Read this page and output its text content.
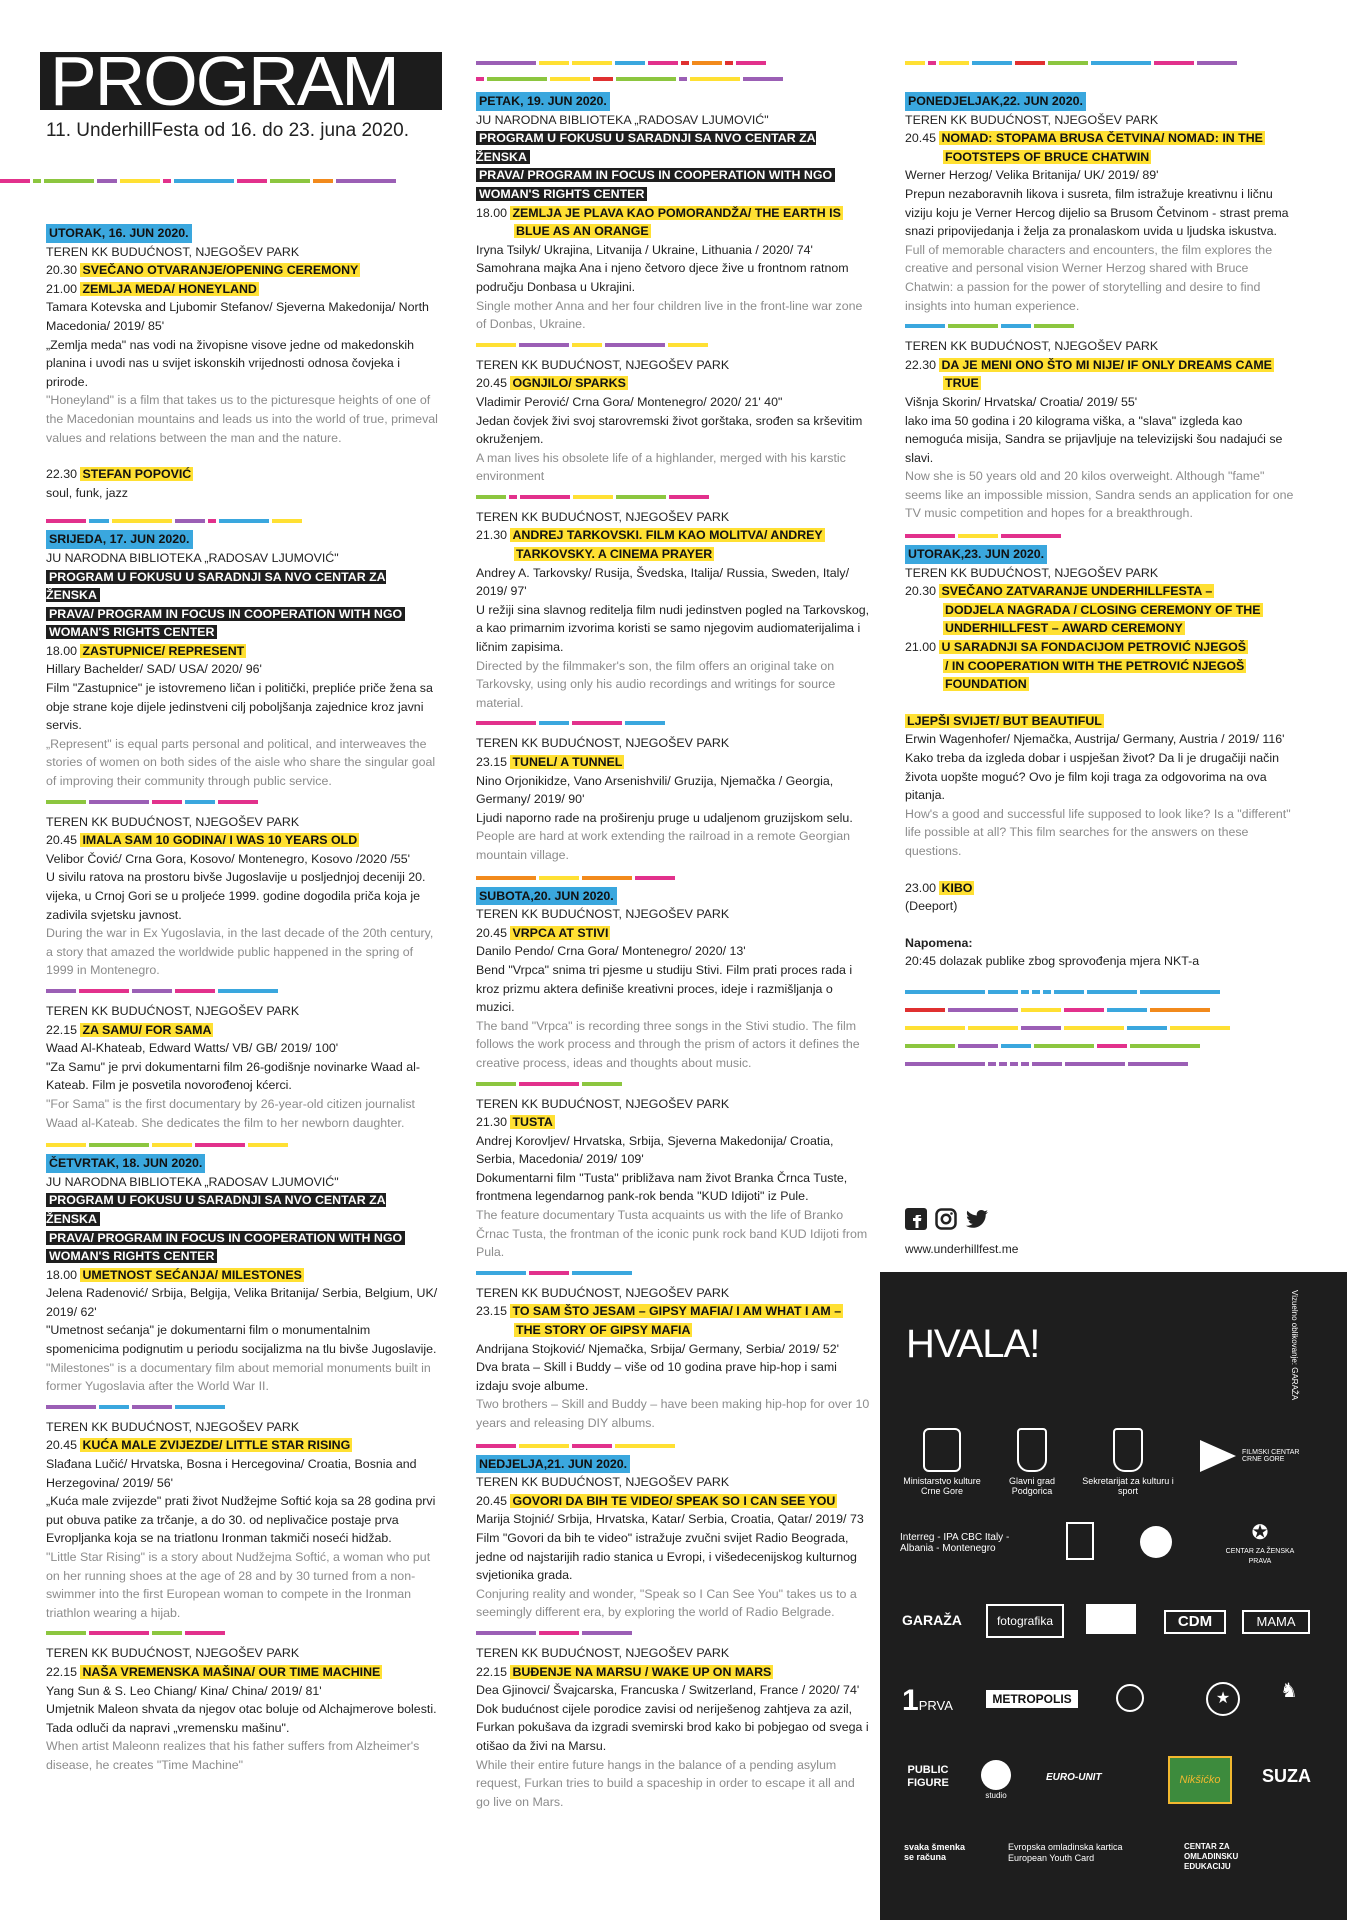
PROGRAM
11. UnderhillFesta od 16. do 23. juna 2020.
UTORAK, 16. JUN 2020.
TEREN KK BUDUĆNOST, NJEGOŠEV PARK
20.30 SVEČANO OTVARANJE/OPENING CEREMONY
21.00 ZEMLJA MEDA/ HONEYLAND
Tamara Kotevska and Ljubomir Stefanov/ Sjeverna Makedonija/ North Macedonia/ 2019/ 85'
„Zemlja meda" nas vodi na živopisne visove jedne od makedonskih planina i uvodi nas u svijet iskonskih vrijednosti odnosa čovjeka i prirode.
"Honeyland" is a film that takes us to the picturesque heights of one of the Macedonian mountains and leads us into the world of true, primeval values and relations between the man and the nature.
22.30 STEFAN POPOVIĆ
soul, funk, jazz
SRIJEDA, 17. JUN 2020.
JU NARODNA BIBLIOTEKA „RADOSAV LJUMOVIĆ"
PROGRAM U FOKUSU U SARADNJI SA NVO CENTAR ZA ŽENSKA
PRAVA/ PROGRAM IN FOCUS IN COOPERATION WITH NGO
WOMAN'S RIGHTS CENTER
18.00 ZASTUPNICE/ REPRESENT
Hillary Bachelder/ SAD/ USA/ 2020/ 96'
Film "Zastupnice" je istovremeno ličan i politički, prepliće priče žena sa obje strane koje dijele jedinstveni cilj poboljšanja zajednice kroz javni servis.
„Represent" is equal parts personal and political, and interweaves the stories of women on both sides of the aisle who share the singular goal of improving their community through public service.
TEREN KK BUDUĆNOST, NJEGOŠEV PARK
20.45 IMALA SAM 10 GODINA/ I WAS 10 YEARS OLD
Velibor Čović/ Crna Gora, Kosovo/ Montenegro, Kosovo /2020 /55'
U sivilu ratova na prostoru bivše Jugoslavije u posljednjoj deceniji 20. vijeka, u Crnoj Gori se u proljeće 1999. godine dogodila priča koja je zadivila svjetsku javnost.
During the war in Ex Yugoslavia, in the last decade of the 20th century, a story that amazed the worldwide public happened in the spring of 1999 in Montenegro.
TEREN KK BUDUĆNOST, NJEGOŠEV PARK
22.15 ZA SAMU/ FOR SAMA
Waad Al-Khateab, Edward Watts/ VB/ GB/ 2019/ 100'
"Za Samu" je prvi dokumentarni film 26-godišnje novinarke Waad al-Kateab. Film je posvetila novorođenoj kćerci.
"For Sama" is the first documentary by 26-year-old citizen journalist Waad al-Kateab. She dedicates the film to her newborn daughter.
ČETVRTAK, 18. JUN 2020.
JU NARODNA BIBLIOTEKA „RADOSAV LJUMOVIĆ"
PROGRAM U FOKUSU U SARADNJI SA NVO CENTAR ZA ŽENSKA
PRAVA/ PROGRAM IN FOCUS IN COOPERATION WITH NGO
WOMAN'S RIGHTS CENTER
18.00 UMETNOST SEĆANJA/ MILESTONES
Jelena Radenović/ Srbija, Belgija, Velika Britanija/ Serbia, Belgium, UK/ 2019/ 62'
"Umetnost sećanja" je dokumentarni film o monumentalnim spomenicima podignutim u periodu socijalizma na tlu bivše Jugoslavije.
"Milestones" is a documentary film about memorial monuments built in former Yugoslavia after the World War II.
TEREN KK BUDUĆNOST, NJEGOŠEV PARK
20.45 KUĆA MALE ZVIJEZDE/ LITTLE STAR RISING
Slađana Lučić/ Hrvatska, Bosna i Hercegovina/ Croatia, Bosnia and Herzegovina/ 2019/ 56'
„Kuća male zvijezde" prati život Nudžejme Softić koja sa 28 godina prvi put obuva patike za trčanje, a do 30. od neplivačice postaje prva Evropljanka koja se na triatlonu Ironman takmiči noseći hidžab.
"Little Star Rising" is a story about Nudžejma Softić, a woman who put on her running shoes at the age of 28 and by 30 turned from a non-swimmer into the first European woman to compete in the Ironman triathlon wearing a hijab.
TEREN KK BUDUĆNOST, NJEGOŠEV PARK
22.15 NAŠA VREMENSKA MAŠINA/ OUR TIME MACHINE
Yang Sun & S. Leo Chiang/ Kina/ China/ 2019/ 81'
Umjetnik Maleon shvata da njegov otac boluje od Alchajmerove bolesti. Tada odluči da napravi „vremensku mašinu".
When artist Maleonn realizes that his father suffers from Alzheimer's disease, he creates "Time Machine"
PETAK, 19. JUN 2020.
JU NARODNA BIBLIOTEKA „RADOSAV LJUMOVIĆ"
PROGRAM U FOKUSU U SARADNJI SA NVO CENTAR ZA ŽENSKA
PRAVA/ PROGRAM IN FOCUS IN COOPERATION WITH NGO
WOMAN'S RIGHTS CENTER
18.00 ZEMLJA JE PLAVA KAO POMORANDŽA/ THE EARTH IS

BLUE AS AN ORANGE
Iryna Tsilyk/ Ukrajina, Litvanija / Ukraine, Lithuania / 2020/ 74'
Samohrana majka Ana i njeno četvoro djece žive u frontnom ratnom području Donbasa u Ukrajini.
Single mother Anna and her four children live in the front-line war zone of Donbas, Ukraine.
TEREN KK BUDUĆNOST, NJEGOŠEV PARK
20.45 OGNJILO/ SPARKS
Vladimir Perović/ Crna Gora/ Montenegro/ 2020/ 21' 40"
Jedan čovjek živi svoj starovremski život gorštaka, srođen sa krševitim okruženjem.
A man lives his obsolete life of a highlander, merged with his karstic environment
TEREN KK BUDUĆNOST, NJEGOŠEV PARK
21.30 ANDREJ TARKOVSKI. FILM KAO MOLITVA/ ANDREY

TARKOVSKY. A CINEMA PRAYER
Andrey A. Tarkovsky/ Rusija, Švedska, Italija/ Russia, Sweden, Italy/ 2019/ 97'
U režiji sina slavnog reditelja film nudi jedinstven pogled na Tarkovskog, a kao primarnim izvorima koristi se samo njegovim audiomaterijalima i ličnim zapisima.
Directed by the filmmaker's son, the film offers an original take on Tarkovsky, using only his audio recordings and writings for source material.
TEREN KK BUDUĆNOST, NJEGOŠEV PARK
23.15 TUNEL/ A TUNNEL
Nino Orjonikidze, Vano Arsenishvili/ Gruzija, Njemačka / Georgia, Germany/ 2019/ 90'
Ljudi naporno rade na proširenju pruge u udaljenom gruzijskom selu.
People are hard at work extending the railroad in a remote Georgian mountain village.
SUBOTA,20. JUN 2020.
TEREN KK BUDUĆNOST, NJEGOŠEV PARK
20.45 VRPCA AT STIVI
Danilo Pendo/ Crna Gora/ Montenegro/ 2020/ 13'
Bend "Vrpca" snima tri pjesme u studiju Stivi. Film prati proces rada i kroz prizmu aktera definiše kreativni proces, ideje i razmišljanja o muzici.
The band "Vrpca" is recording three songs in the Stivi studio. The film follows the work process and through the prism of actors it defines the creative process, ideas and thoughts about music.
TEREN KK BUDUĆNOST, NJEGOŠEV PARK
21.30 TUSTA
Andrej Korovljev/ Hrvatska, Srbija, Sjeverna Makedonija/ Croatia, Serbia, Macedonia/ 2019/ 109'
Dokumentarni film "Tusta" približava nam život Branka Črnca Tuste, frontmena legendarnog pank-rok benda "KUD Idijoti" iz Pule.
The feature documentary Tusta acquaints us with the life of Branko Črnac Tusta, the frontman of the iconic punk rock band KUD Idijoti from Pula.
TEREN KK BUDUĆNOST, NJEGOŠEV PARK
23.15 TO SAM ŠTO JESAM – GIPSY MAFIA/ I AM WHAT I AM –

THE STORY OF GIPSY MAFIA
Andrijana Stojković/ Njemačka, Srbija/ Germany, Serbia/ 2019/ 52'
Dva brata – Skill i Buddy – više od 10 godina prave hip-hop i sami izdaju svoje albume.
Two brothers – Skill and Buddy – have been making hip-hop for over 10 years and releasing DIY albums.
NEDJELJA,21. JUN 2020.
TEREN KK BUDUĆNOST, NJEGOŠEV PARK
20.45 GOVORI DA BIH TE VIDEO/ SPEAK SO I CAN SEE YOU
Marija Stojnić/ Srbija, Hrvatska, Katar/ Serbia, Croatia, Qatar/ 2019/ 73
Film "Govori da bih te video" istražuje zvučni svijet Radio Beograda, jedne od najstarijih radio stanica u Evropi, i višedecenijskog kulturnog svjetionika grada.
Conjuring reality and wonder, "Speak so I Can See You" takes us to a seemingly different era, by exploring the world of Radio Belgrade.
TEREN KK BUDUĆNOST, NJEGOŠEV PARK
22.15 BUĐENJE NA MARSU / WAKE UP ON MARS
Dea Gjinovci/ Švajcarska, Francuska / Switzerland, France / 2020/ 74'
Dok budućnost cijele porodice zavisi od neriješenog zahtjeva za azil, Furkan pokušava da izgradi svemirski brod kako bi pobjegao od svega i otišao da živi na Marsu.
While their entire future hangs in the balance of a pending asylum request, Furkan tries to build a spaceship in order to escape it all and go live on Mars.
PONEDJELJAK,22. JUN 2020.
TEREN KK BUDUĆNOST, NJEGOŠEV PARK
20.45 NOMAD: STOPAMA BRUSA ČETVINA/ NOMAD: IN THE

FOOTSTEPS OF BRUCE CHATWIN
Werner Herzog/ Velika Britanija/ UK/ 2019/ 89'
Prepun nezaboravnih likova i susreta, film istražuje kreativnu i ličnu viziju koju je Verner Hercog dijelio sa Brusom Četvinom - strast prema snazi pripovijedanja i želja za pronalaskom uvida u ljudska iskustva.
Full of memorable characters and encounters, the film explores the creative and personal vision Werner Herzog shared with Bruce Chatwin: a passion for the power of storytelling and desire to find insights into human experience.
TEREN KK BUDUĆNOST, NJEGOŠEV PARK
22.30 DA JE MENI ONO ŠTO MI NIJE/ IF ONLY DREAMS CAME

TRUE
Višnja Skorin/ Hrvatska/ Croatia/ 2019/ 55'
lako ima 50 godina i 20 kilograma viška, a "slava" izgleda kao nemoguća misija, Sandra se prijavljuje na televizijski šou nadajući se slavi.
Now she is 50 years old and 20 kilos overweight. Although "fame" seems like an impossible mission, Sandra sends an application for one TV music competition and hopes for a breakthrough.
UTORAK,23. JUN 2020.
TEREN KK BUDUĆNOST, NJEGOŠEV PARK
20.30 SVEČANO ZATVARANJE UNDERHILLFESTA –

DODJELA NAGRADA / CLOSING CEREMONY OF THE
UNDERHILLFEST – AWARD CEREMONY
21.00 U SARADNJI SA FONDACIJOM PETROVIĆ NJEGOŠ

/ IN COOPERATION WITH THE PETROVIĆ NJEGOŠ
FOUNDATION
LJEPŠI SVIJET/ BUT BEAUTIFUL
Erwin Wagenhofer/ Njemačka, Austrija/ Germany, Austria / 2019/ 116'
Kako treba da izgleda dobar i uspješan život? Da li je drugačiji način života uopšte moguć? Ovo je film koji traga za odgovorima na ova pitanja.
How's a good and successful life supposed to look like? Is a "different" life possible at all? This film searches for the answers on these questions.
23.00 KIBO
(Deeport)
Napomena:
20:45 dolazak publike zbog sprovođenja mjera NKT-a
www.underhillfest.me
HVALA!	Vizuelno oblikovanje: GARAŽA
Ministarstvo kulture Crne Gore
Glavni grad Podgorica
Sekretarijat za kulturu i sport
FILMSKI CENTAR CRNE GORE
Interreg - IPA CBC Italy - Albania - Montenegro
✪
CENTAR ZA ŽENSKA PRAVA
GARAŽA	fotografika	CDM	MAMA
1PRVA	METROPOLIS	★	♞
PUBLIC FIGURE
studio
EURO-UNIT	Nikšićko	SUZA
svaka šmenka se računa
Evropska omladinska kartica European Youth Card
CENTAR ZA OMLADINSKU EDUKACIJU
